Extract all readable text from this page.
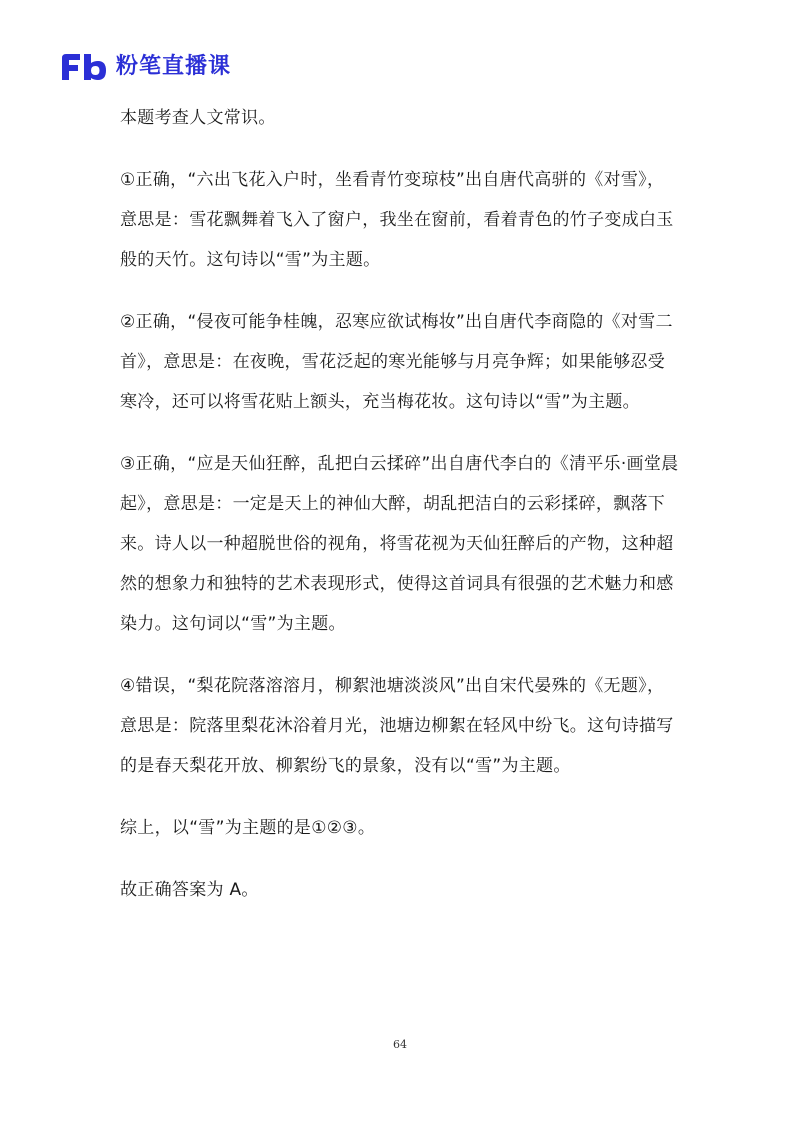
粉笔直播课

本题考查人文常识。

①正确，“六出飞花入户时，坐看青竹变琼枝”出自唐代高骈的《对雪》，意思是：雪花飘舞着飞入了窗户，我坐在窗前，看着青色的竹子变成白玉般的天竹。这句诗以“雪”为主题。

②正确，“侵夜可能争桂魄，忍寒应欲试梅妆”出自唐代李商隐的《对雪二首》，意思是：在夜晚，雪花泛起的寒光能够与月亮争辉；如果能够忍受寒冷，还可以将雪花贴上额头，充当梅花妆。这句诗以“雪”为主题。

③正确，“应是天仙狂醉，乱把白云揉碎”出自唐代李白的《清平乐·画堂晨起》，意思是：一定是天上的神仙大醉，胡乱把洁白的云彩揉碎，飘落下来。诗人以一种超脱世俗的视角，将雪花视为天仙狂醉后的产物，这种超然的想象力和独特的艺术表现形式，使得这首词具有很强的艺术魅力和感染力。这句词以“雪”为主题。

④错误，“梨花院落溶溶月，柳絮池塘淡淡风”出自宋代晏殊的《无题》，意思是：院落里梨花沐浴着月光，池塘边柳絮在轻风中纷飞。这句诗描写的是春天梨花开放、柳絮纷飞的景象，没有以“雪”为主题。

综上，以“雪”为主题的是①②③。

故正确答案为 A。

64
